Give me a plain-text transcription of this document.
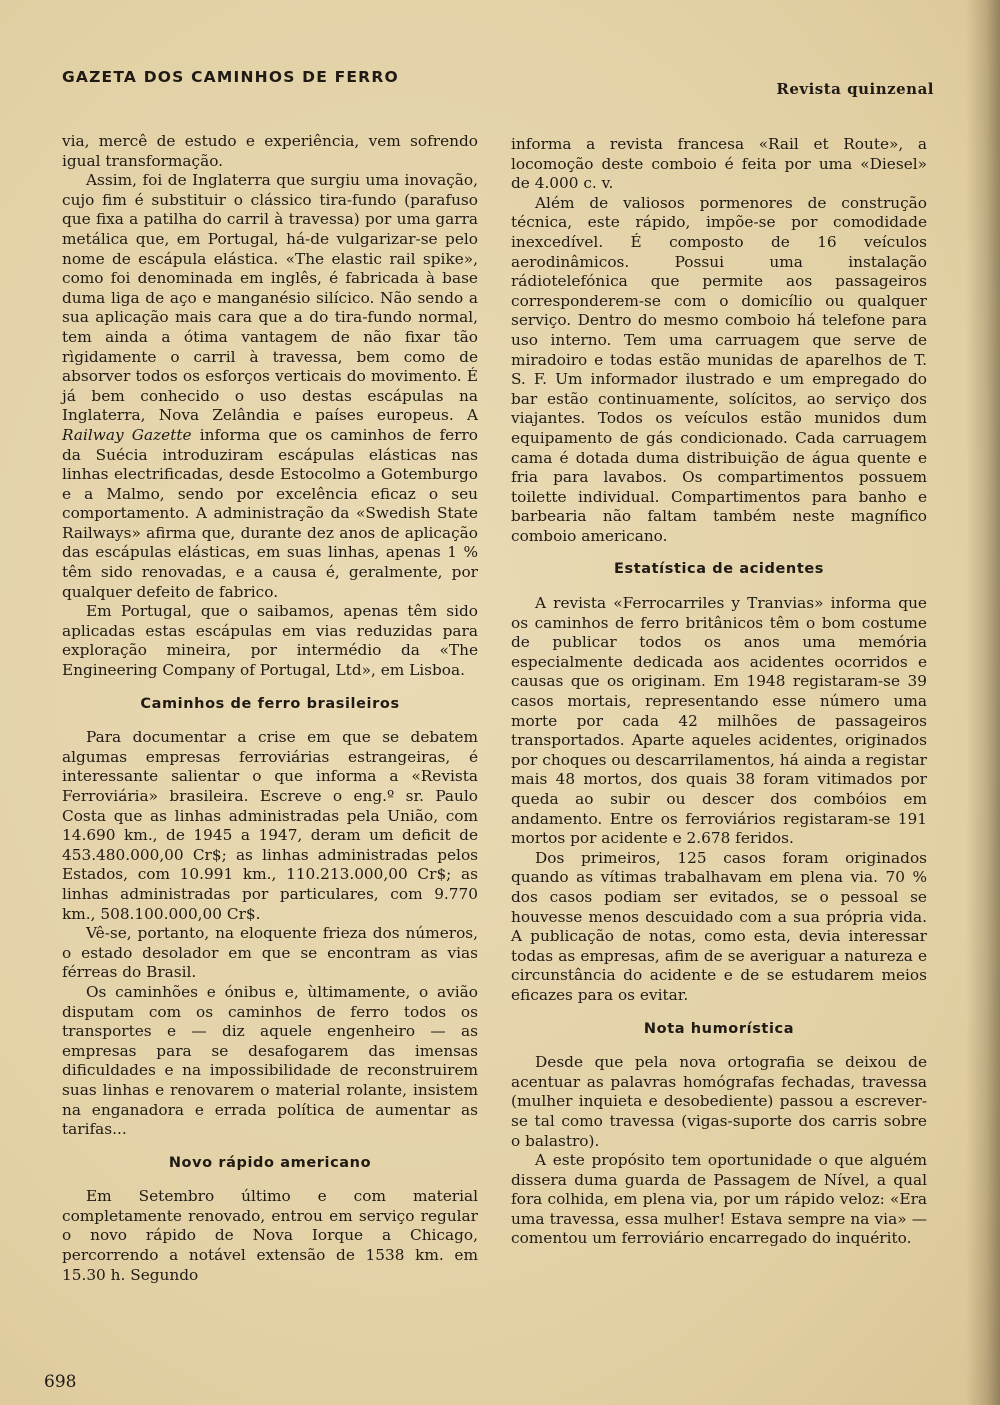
GAZETA DOS CAMINHOS DE FERRO
Revista quinzenal

via, mercê de estudo e experiência, vem sofrendo igual transformação.

Assim, foi de Inglaterra que surgiu uma inovação, cujo fim é substituir o clássico tira-fundo (parafuso que fixa a patilha do carril à travessa) por uma garra metálica que, em Portugal, há-de vulgarizar-se pelo nome de escápula elástica. «The elastic rail spike», como foi denominada em inglês, é fabricada à base duma liga de aço e manganésio silícico. Não sendo a sua aplicação mais cara que a do tira-fundo normal, tem ainda a ótima vantagem de não fixar tão rìgidamente o carril à travessa, bem como de absorver todos os esforços verticais do movimento. É já bem conhecido o uso destas escápulas na Inglaterra, Nova Zelândia e países europeus. A Railway Gazette informa que os caminhos de ferro da Suécia introduziram escápulas elásticas nas linhas electrificadas, desde Estocolmo a Gotemburgo e a Malmo, sendo por excelência eficaz o seu comportamento. A administração da «Swedish State Railways» afirma que, durante dez anos de aplicação das escápulas elásticas, em suas linhas, apenas 1 % têm sido renovadas, e a causa é, geralmente, por qualquer defeito de fabrico.

Em Portugal, que o saibamos, apenas têm sido aplicadas estas escápulas em vias reduzidas para exploração mineira, por intermédio da «The Engineering Company of Portugal, Ltd», em Lisboa.

Caminhos de ferro brasileiros

Para documentar a crise em que se debatem algumas empresas ferroviárias estrangeiras, é interessante salientar o que informa a «Revista Ferroviária» brasileira. Escreve o eng.º sr. Paulo Costa que as linhas administradas pela União, com 14.690 km., de 1945 a 1947, deram um deficit de 453.480.000,00 Cr$; as linhas administradas pelos Estados, com 10.991 km., 110.213.000,00 Cr$; as linhas administradas por particulares, com 9.770 km., 508.100.000,00 Cr$.

Vê-se, portanto, na eloquente frieza dos números, o estado desolador em que se encontram as vias férreas do Brasil.

Os caminhões e ónibus e, ùltimamente, o avião disputam com os caminhos de ferro todos os transportes e — diz aquele engenheiro — as empresas para se desafogarem das imensas dificuldades e na impossibilidade de reconstruirem suas linhas e renovarem o material rolante, insistem na enganadora e errada política de aumentar as tarifas...

Novo rápido americano

Em Setembro último e com material completamente renovado, entrou em serviço regular o novo rápido de Nova Iorque a Chicago, percorrendo a notável extensão de 1538 km. em 15.30 h. Segundo

informa a revista francesa «Rail et Route», a locomoção deste comboio é feita por uma «Diesel» de 4.000 c. v.

Além de valiosos pormenores de construção técnica, este rápido, impõe-se por comodidade inexcedível. É composto de 16 veículos aerodinâmicos. Possui uma instalação rádiotelefónica que permite aos passageiros corresponderem-se com o domicílio ou qualquer serviço. Dentro do mesmo comboio há telefone para uso interno. Tem uma carruagem que serve de miradoiro e todas estão munidas de aparelhos de T. S. F. Um informador ilustrado e um empregado do bar estão continuamente, solícitos, ao serviço dos viajantes. Todos os veículos estão munidos dum equipamento de gás condicionado. Cada carruagem cama é dotada duma distribuição de água quente e fria para lavabos. Os compartimentos possuem toilette individual. Compartimentos para banho e barbearia não faltam também neste magnífico comboio americano.

Estatística de acidentes

A revista «Ferrocarriles y Tranvias» informa que os caminhos de ferro britânicos têm o bom costume de publicar todos os anos uma memória especialmente dedicada aos acidentes ocorridos e causas que os originam. Em 1948 registaram-se 39 casos mortais, representando esse número uma morte por cada 42 milhões de passageiros transportados. Aparte aqueles acidentes, originados por choques ou descarrilamentos, há ainda a registar mais 48 mortos, dos quais 38 foram vitimados por queda ao subir ou descer dos combóios em andamento. Entre os ferroviários registaram-se 191 mortos por acidente e 2.678 feridos.

Dos primeiros, 125 casos foram originados quando as vítimas trabalhavam em plena via. 70 % dos casos podiam ser evitados, se o pessoal se houvesse menos descuidado com a sua própria vida. A publicação de notas, como esta, devia interessar todas as empresas, afim de se averiguar a natureza e circunstância do acidente e de se estudarem meios eficazes para os evitar.

Nota humorística

Desde que pela nova ortografia se deixou de acentuar as palavras homógrafas fechadas, travessa (mulher inquieta e desobediente) passou a escrever-se tal como travessa (vigas-suporte dos carris sobre o balastro).

A este propósito tem oportunidade o que alguém dissera duma guarda de Passagem de Nível, a qual fora colhida, em plena via, por um rápido veloz: «Era uma travessa, essa mulher! Estava sempre na via» — comentou um ferroviário encarregado do inquérito.

698
